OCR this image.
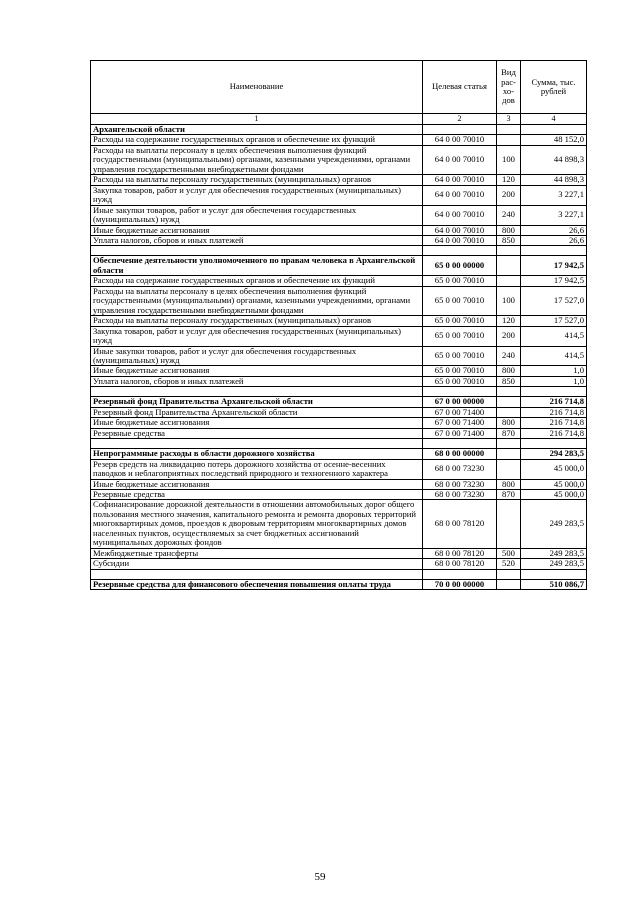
Наименование	Целевая статья	Вид рас-хо-дов	Сумма, тыс. рублей
1	2	3	4
Архангельской области			
Расходы на содержание государственных органов и обеспечение их функций	64 0 00 70010		48 152,0
Расходы на выплаты персоналу в целях обеспечения выполнения функций государственными (муниципальными) органами, казенными учреждениями, органами управления государственными внебюджетными фондами	64 0 00 70010	100	44 898,3
Расходы на выплаты персоналу государственных (муниципальных) органов	64 0 00 70010	120	44 898,3
Закупка товаров, работ и услуг для обеспечения государственных (муниципальных) нужд	64 0 00 70010	200	3 227,1
Иные закупки товаров, работ и услуг для обеспечения государственных (муниципальных) нужд	64 0 00 70010	240	3 227,1
Иные бюджетные ассигнования	64 0 00 70010	800	26,6
Уплата налогов, сборов и иных платежей	64 0 00 70010	850	26,6

Обеспечение деятельности уполномоченного по правам человека в Архангельской области	65 0 00 00000		17 942,5
Расходы на содержание государственных органов и обеспечение их функций	65 0 00 70010		17 942,5
Расходы на выплаты персоналу в целях обеспечения выполнения функций государственными (муниципальными) органами, казенными учреждениями, органами управления государственными внебюджетными фондами	65 0 00 70010	100	17 527,0
Расходы на выплаты персоналу государственных (муниципальных) органов	65 0 00 70010	120	17 527,0
Закупка товаров, работ и услуг для обеспечения государственных (муниципальных) нужд	65 0 00 70010	200	414,5
Иные закупки товаров, работ и услуг для обеспечения государственных (муниципальных) нужд	65 0 00 70010	240	414,5
Иные бюджетные ассигнования	65 0 00 70010	800	1,0
Уплата налогов, сборов и иных платежей	65 0 00 70010	850	1,0

Резервный фонд Правительства Архангельской области	67 0 00 00000		216 714,8
Резервный фонд Правительства Архангельской области	67 0 00 71400		216 714,8
Иные бюджетные ассигнования	67 0 00 71400	800	216 714,8
Резервные средства	67 0 00 71400	870	216 714,8

Непрограммные расходы в области дорожного хозяйства	68 0 00 00000		294 283,5
Резерв средств на ликвидацию потерь дорожного хозяйства от осенне-весенних паводков и неблагоприятных последствий природного и техногенного характера	68 0 00 73230		45 000,0
Иные бюджетные ассигнования	68 0 00 73230	800	45 000,0
Резервные средства	68 0 00 73230	870	45 000,0
Софинансирование дорожной деятельности в отношении автомобильных дорог общего пользования местного значения, капитального ремонта и ремонта дворовых территорий многоквартирных домов, проездов к дворовым территориям многоквартирных домов населенных пунктов, осуществляемых за счет бюджетных ассигнований муниципальных дорожных фондов	68 0 00 78120		249 283,5
Межбюджетные трансферты	68 0 00 78120	500	249 283,5
Субсидии	68 0 00 78120	520	249 283,5

Резервные средства для финансового обеспечения повышения оплаты труда	70 0 00 00000		510 086,7
59
